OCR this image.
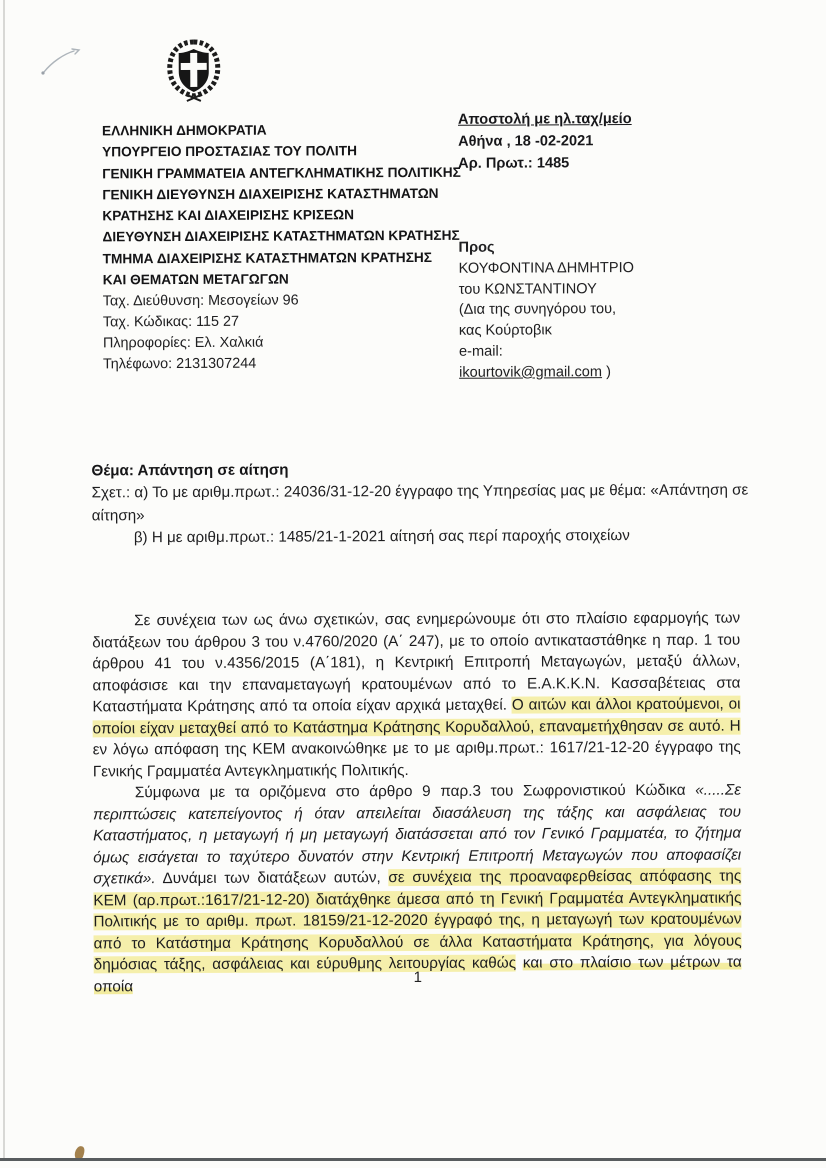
ΕΛΛΗΝΙΚΗ ΔΗΜΟΚΡΑΤΙΑ
ΥΠΟΥΡΓΕΙΟ ΠΡΟΣΤΑΣΙΑΣ ΤΟΥ ΠΟΛΙΤΗ
ΓΕΝΙΚΗ ΓΡΑΜΜΑΤΕΙΑ ΑΝΤΕΓΚΛΗΜΑΤΙΚΗΣ ΠΟΛΙΤΙΚΗΣ
ΓΕΝΙΚΗ ΔΙΕΥΘΥΝΣΗ ΔΙΑΧΕΙΡΙΣΗΣ ΚΑΤΑΣΤΗΜΑΤΩΝ
ΚΡΑΤΗΣΗΣ ΚΑΙ ΔΙΑΧΕΙΡΙΣΗΣ ΚΡΙΣΕΩΝ
ΔΙΕΥΘΥΝΣΗ ΔΙΑΧΕΙΡΙΣΗΣ ΚΑΤΑΣΤΗΜΑΤΩΝ ΚΡΑΤΗΣΗΣ
ΤΜΗΜΑ ΔΙΑΧΕΙΡΙΣΗΣ ΚΑΤΑΣΤΗΜΑΤΩΝ ΚΡΑΤΗΣΗΣ
ΚΑΙ ΘΕΜΑΤΩΝ ΜΕΤΑΓΩΓΩΝ
Ταχ. Διεύθυνση: Μεσογείων 96
Ταχ. Κώδικας: 115 27
Πληροφορίες: Ελ. Χαλκιά
Τηλέφωνο: 2131307244
Αποστολή με ηλ.ταχ/μείο
Αθήνα , 18 -02-2021
Αρ. Πρωτ.: 1485
Προς
ΚΟΥΦΟΝΤΙΝΑ ΔΗΜΗΤΡΙΟ
του ΚΩΝΣΤΑΝΤΙΝΟΥ
(Δια της συνηγόρου του,
κας Κούρτοβικ
e-mail:
ikourtovik@gmail.com )
Θέμα: Απάντηση σε αίτηση
Σχετ.: α) Το με αριθμ.πρωτ.: 24036/31-12-20 έγγραφο της Υπηρεσίας μας με θέμα: «Απάντηση σε
αίτηση»
β) Η με αριθμ.πρωτ.: 1485/21-1-2021 αίτησή σας περί παροχής στοιχείων

Σε συνέχεια των ως άνω σχετικών, σας ενημερώνουμε ότι στο πλαίσιο εφαρμογής των διατάξεων του άρθρου 3 του ν.4760/2020 (Α΄ 247), με το οποίο αντικαταστάθηκε η παρ. 1 του άρθρου 41 του ν.4356/2015 (Α΄181), η Κεντρική Επιτροπή Μεταγωγών, μεταξύ άλλων, αποφάσισε και την επαναμεταγωγή κρατουμένων από το Ε.Α.Κ.Κ.Ν. Κασσαβέτειας στα Καταστήματα Κράτησης από τα οποία είχαν αρχικά μεταχθεί. Ο αιτών και άλλοι κρατούμενοι, οι οποίοι είχαν μεταχθεί από το Κατάστημα Κράτησης Κορυδαλλού, επαναμετήχθησαν σε αυτό. Η εν λόγω απόφαση της ΚΕΜ ανακοινώθηκε με το με αριθμ.πρωτ.: 1617/21-12-20 έγγραφο της Γενικής Γραμματέα Αντεγκληματικής Πολιτικής.

Σύμφωνα με τα οριζόμενα στο άρθρο 9 παρ.3 του Σωφρονιστικού Κώδικα «.....Σε περιπτώσεις κατεπείγοντος ή όταν απειλείται διασάλευση της τάξης και ασφάλειας του Καταστήματος, η μεταγωγή ή μη μεταγωγή διατάσσεται από τον Γενικό Γραμματέα, το ζήτημα όμως εισάγεται το ταχύτερο δυνατόν στην Κεντρική Επιτροπή Μεταγωγών που αποφασίζει σχετικά». Δυνάμει των διατάξεων αυτών, σε συνέχεια της προαναφερθείσας απόφασης της ΚΕΜ (αρ.πρωτ.:1617/21-12-20) διατάχθηκε άμεσα από τη Γενική Γραμματέα Αντεγκληματικής Πολιτικής με το αριθμ. πρωτ. 18159/21-12-2020 έγγραφό της, η μεταγωγή των κρατουμένων από το Κατάστημα Κράτησης Κορυδαλλού σε άλλα Καταστήματα Κράτησης, για λόγους δημόσιας τάξης, ασφάλειας και εύρυθμης λειτουργίας καθώς και στο πλαίσιο των μέτρων τα οποία

1
